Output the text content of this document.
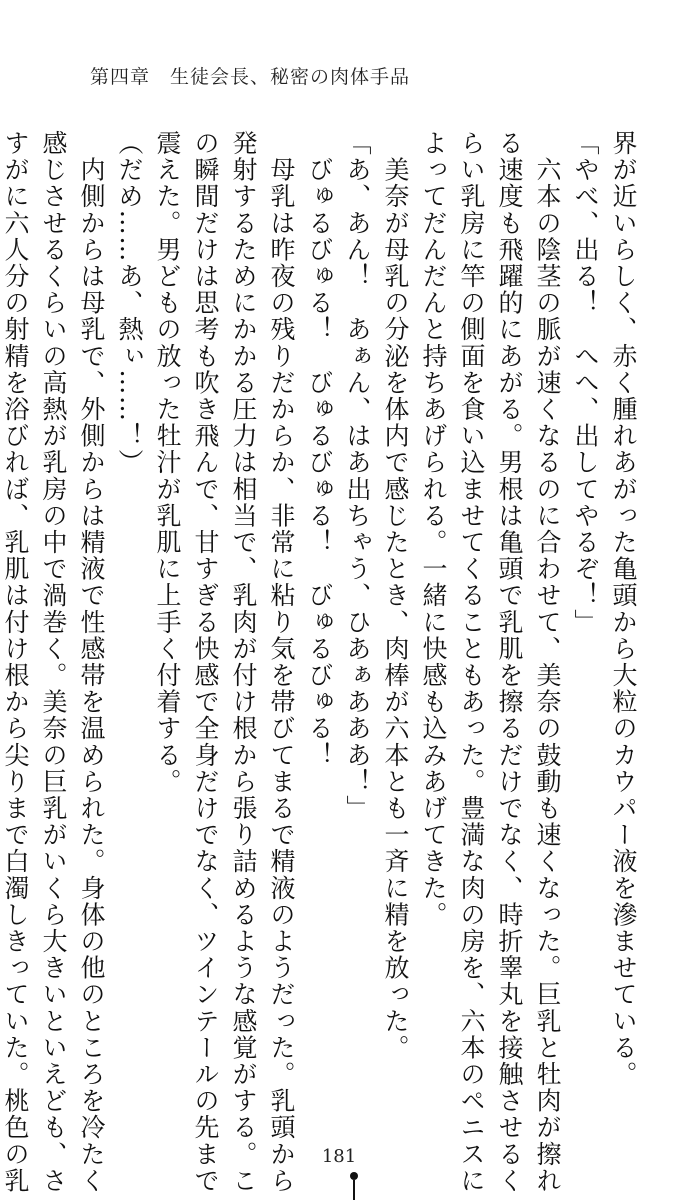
第四章　生徒会長、秘密の肉体手品
界が近いらしく、赤く腫れあがった亀頭から大粒のカウパー液を滲ませている。
「やべ、出る！　へへ、出してやるぞ！」
　六本の陰茎の脈が速くなるのに合わせて、美奈の鼓動も速くなった。巨乳と牡肉が擦れ
る速度も飛躍的にあがる。男根は亀頭で乳肌を擦るだけでなく、時折睾丸を接触させるく
らい乳房に竿の側面を食い込ませてくることもあった。豊満な肉の房を、六本のペニスに
よってだんだんと持ちあげられる。一緒に快感も込みあげてきた。
　美奈が母乳の分泌を体内で感じたとき、肉棒が六本とも一斉に精を放った。
「あ、あん！　あぁん、はあ出ちゃう、ひあぁあああ！」
　びゅるびゅる！　びゅるびゅる！　びゅるびゅる！
　母乳は昨夜の残りだからか、非常に粘り気を帯びてまるで精液のようだった。乳頭から
発射するためにかかる圧力は相当で、乳肉が付け根から張り詰めるような感覚がする。こ
の瞬間だけは思考も吹き飛んで、甘すぎる快感で全身だけでなく、ツインテールの先まで
震えた。男どもの放った牡汁が乳肌に上手く付着する。
（だめ……あ、熱ぃ……！）
　内側からは母乳で、外側からは精液で性感帯を温められた。身体の他のところを冷たく
感じさせるくらいの高熱が乳房の中で渦巻く。美奈の巨乳がいくら大きいといえども、さ
すがに六人分の射精を浴びれば、乳肌は付け根から尖りまで白濁しきっていた。桃色の乳	181
